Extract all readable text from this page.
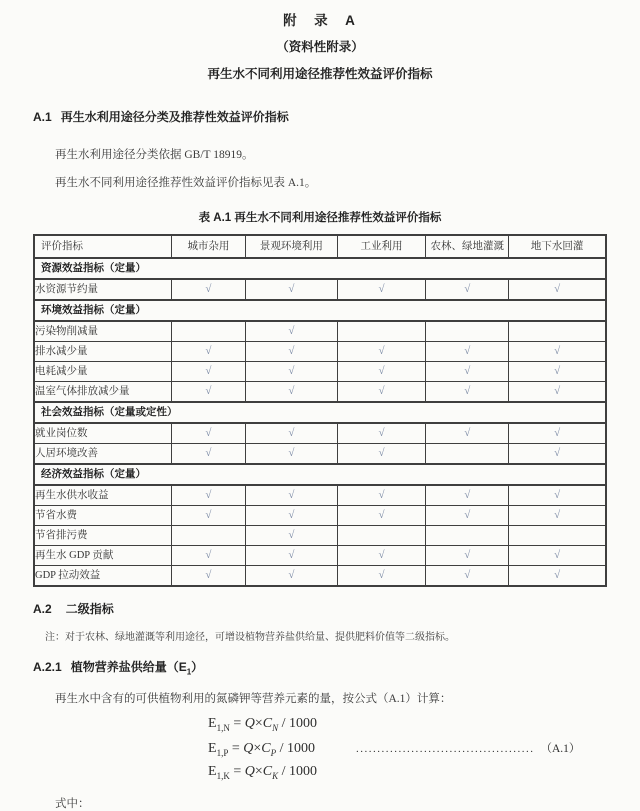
附　录　A
（资料性附录）
再生水不同利用途径推荐性效益评价指标
A.1 再生水利用途径分类及推荐性效益评价指标
再生水利用途径分类依据 GB/T 18919。
再生水不同利用途径推荐性效益评价指标见表 A.1。
表 A.1 再生水不同利用途径推荐性效益评价指标
评价指标	城市杂用	景观环境利用	工业利用	农林、绿地灌溉	地下水回灌
资源效益指标（定量）					
水资源节约量	√	√	√	√	√
环境效益指标（定量）					
污染物削减量		√			
排水减少量	√	√	√	√	√
电耗减少量	√	√	√	√	√
温室气体排放减少量	√	√	√	√	√
社会效益指标（定量或定性）					
就业岗位数	√	√	√	√	√
人居环境改善	√	√	√		√
经济效益指标（定量）					
再生水供水收益	√	√	√	√	√
节省水费	√	√	√	√	√
节省排污费		√			
再生水 GDP 贡献	√	√	√	√	√
GDP 拉动效益	√	√	√	√	√
A.2 二级指标
注：对于农林、绿地灌溉等利用途径，可增设植物营养盐供给量、提供肥料价值等二级指标。
A.2.1 植物营养盐供给量$(E_1)$
再生水中含有的可供植物利用的氮磷钾等营养元素的量，按公式（A.1）计算：
$E_{1,N} = Q\times C_N / 1000$
$E_{1,P} = Q\times C_P / 1000$	.......................................... （A.1）
$E_{1,K} = Q\times C_K / 1000$
式中：
